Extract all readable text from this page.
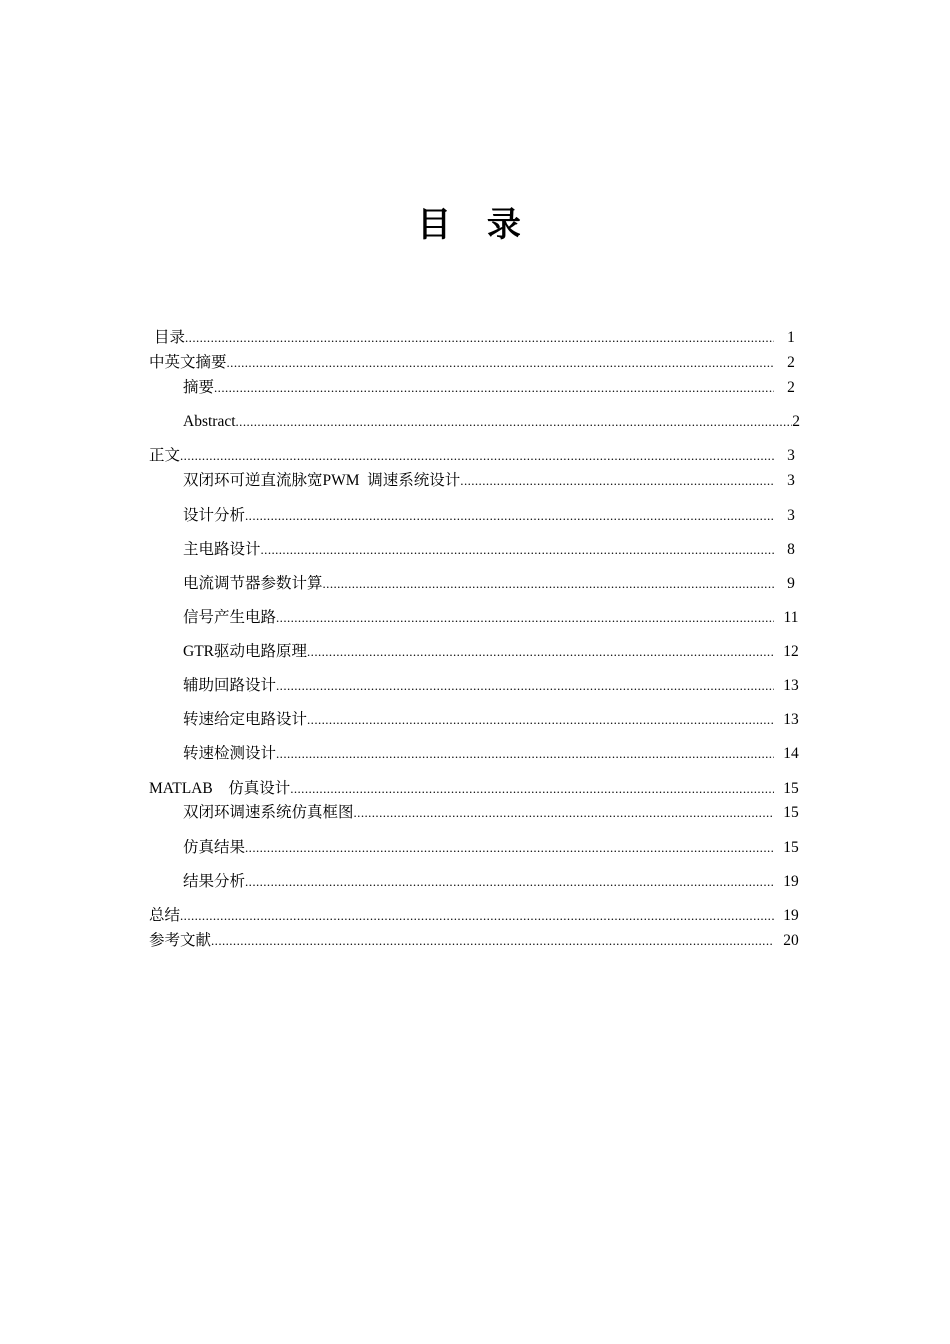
目 录
目录 .....	1
中英文摘要 .....	2
摘要 .....	2
Abstract .....	2
正文 .....	3
双闭环可逆直流脉宽PWM  调速系统设计 .....	3
设计分析 .....	3
主电路设计 .....	8
电流调节器参数计算 .....	9
信号产生电路 .....	11
GTR驱动电路原理 .....	12
辅助回路设计 .....	13
转速给定电路设计 .....	13
转速检测设计 .....	14
MATLAB    仿真设计 .....	15
双闭环调速系统仿真框图 .....	15
仿真结果 .....	15
结果分析 .....	19
总结 .....	19
参考文献 .....	20
